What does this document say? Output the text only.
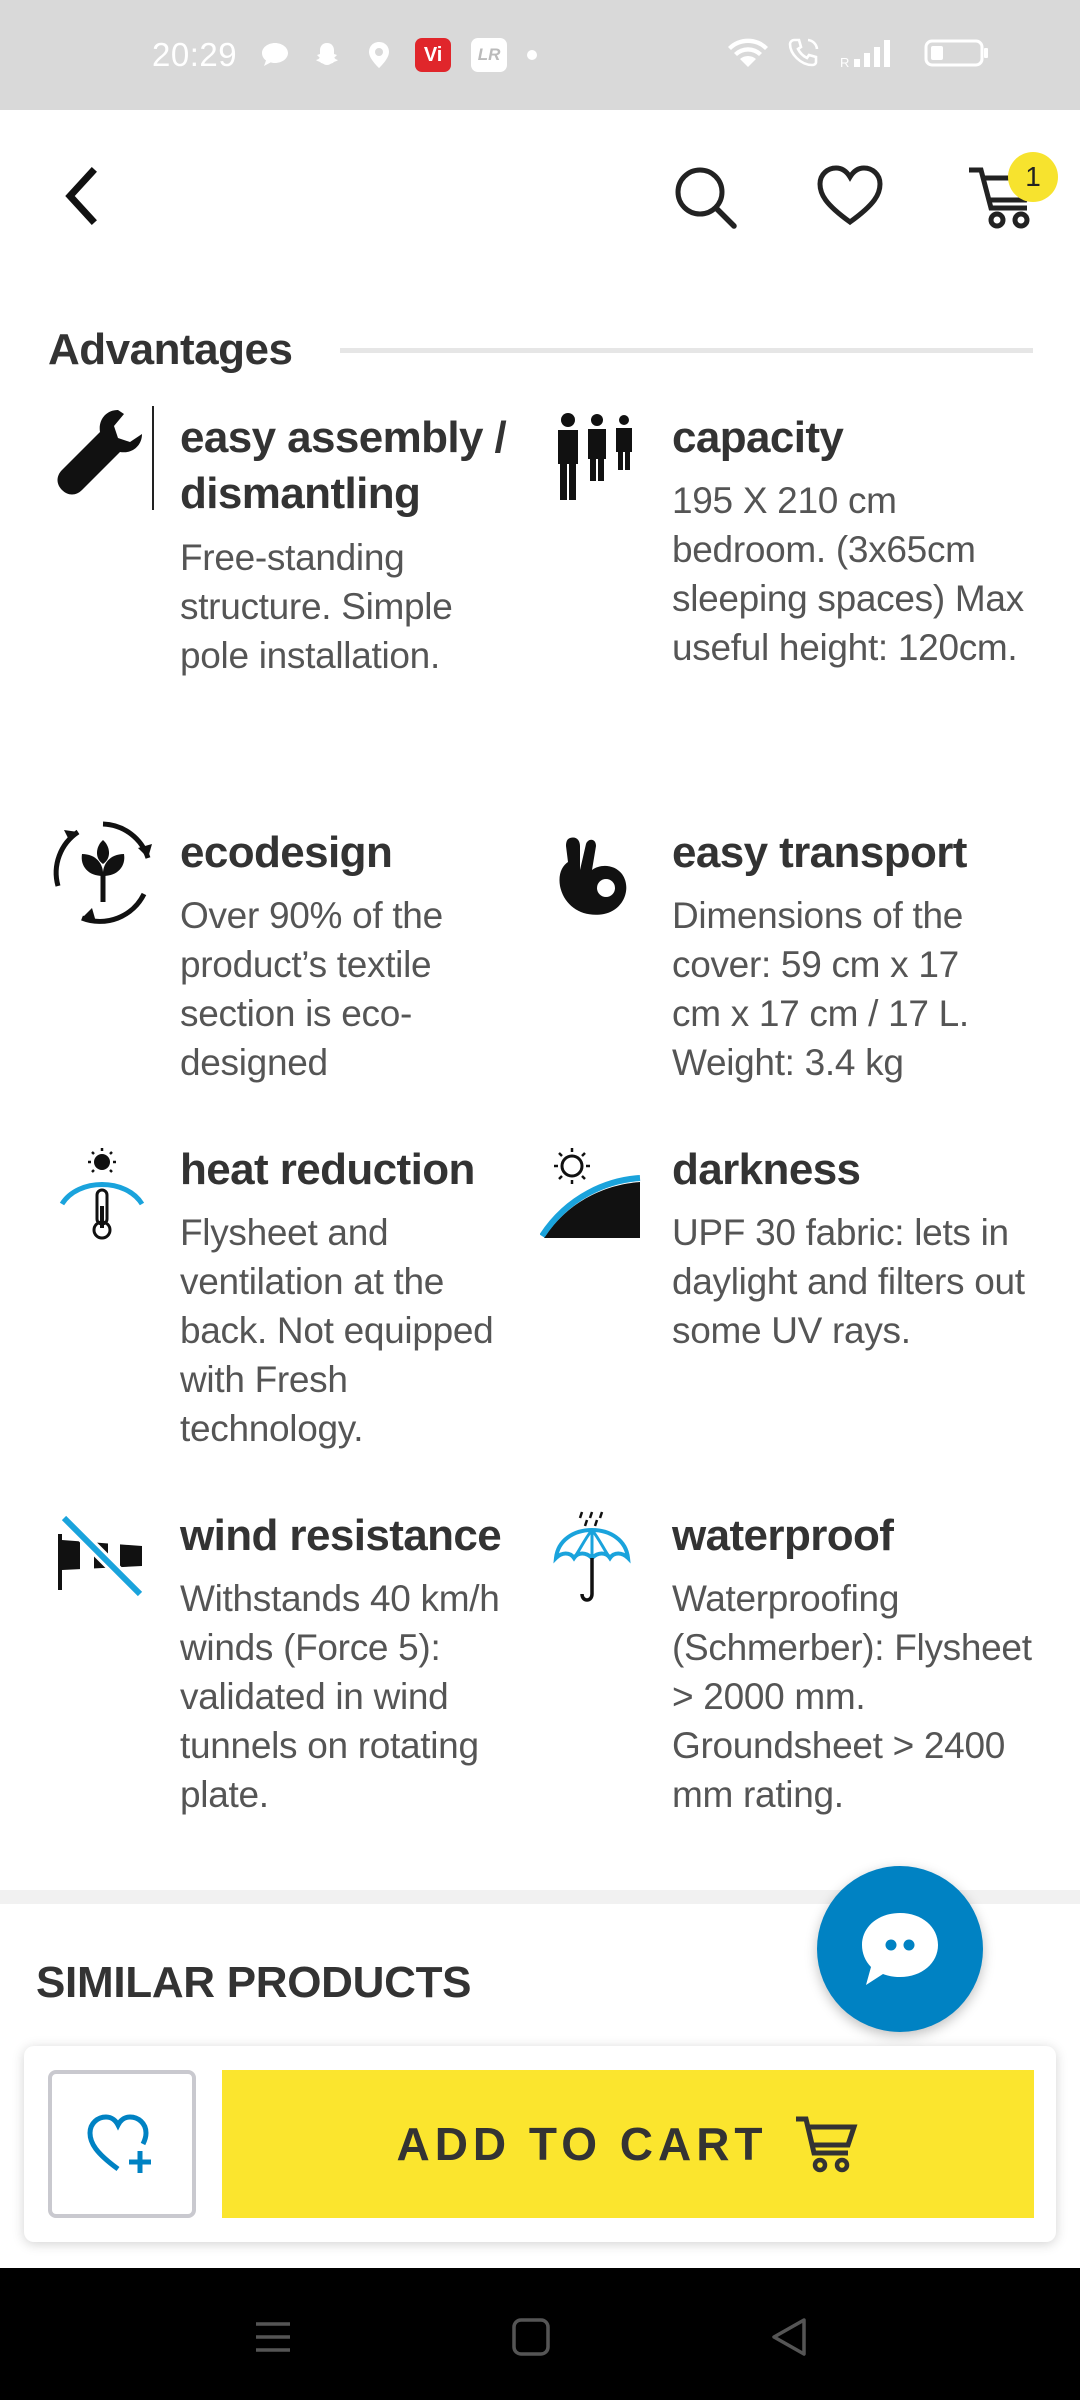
20:29	Vi	LR	R
1
Advantages
easy assembly / dismantling
Free-standing structure. Simple pole installation.
capacity
195 X 210 cm bedroom. (3x65cm sleeping spaces) Max useful height: 120cm.
ecodesign
Over 90% of the product’s textile section is eco-designed
easy transport
Dimensions of the cover: 59 cm x 17 cm x 17 cm / 17 L. Weight: 3.4 kg
heat reduction
Flysheet and ventilation at the back. Not equipped with Fresh technology.
darkness
UPF 30 fabric: lets in daylight and filters out some UV rays.
wind resistance
Withstands 40 km/h winds (Force 5): validated in wind tunnels on rotating plate.
waterproof
Waterproofing (Schmerber): Flysheet > 2000 mm. Groundsheet > 2400 mm rating.
SIMILAR PRODUCTS
ADD TO CART
